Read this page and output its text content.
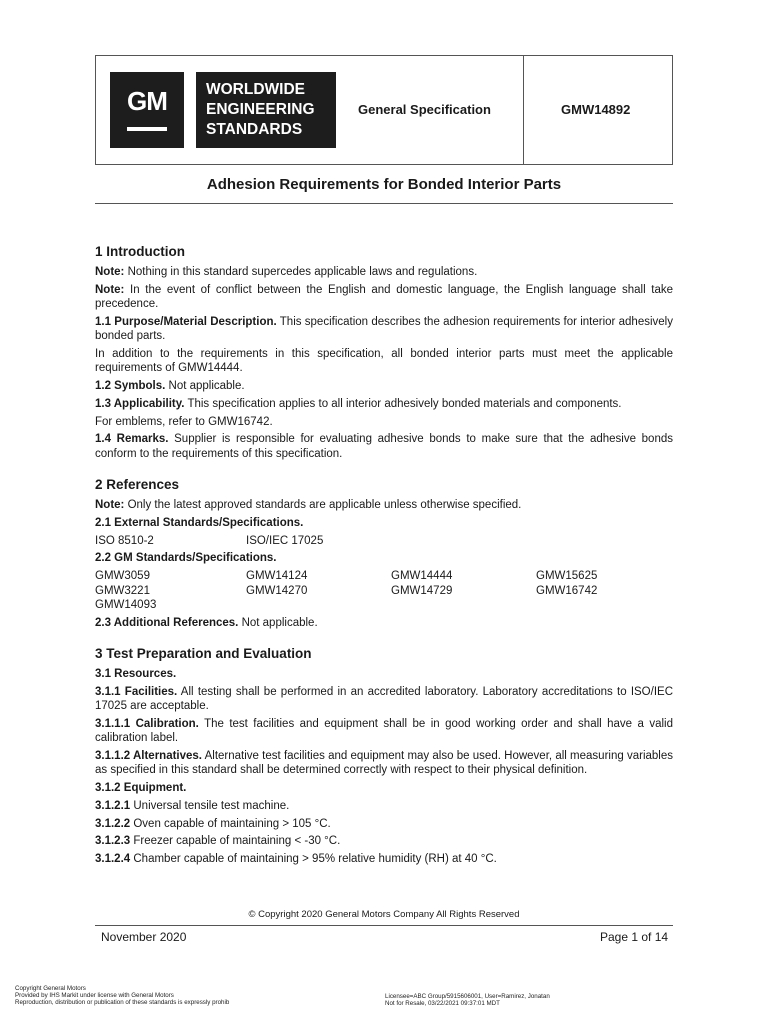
GM	WORLDWIDE
ENGINEERING
STANDARDS
General Specification	GMW14892
Adhesion Requirements for Bonded Interior Parts
1 Introduction

Note: Nothing in this standard supercedes applicable laws and regulations.

Note: In the event of conflict between the English and domestic language, the English language shall take precedence.

1.1 Purpose/Material Description. This specification describes the adhesion requirements for interior adhesively bonded parts.

In addition to the requirements in this specification, all bonded interior parts must meet the applicable requirements of GMW14444.

1.2 Symbols. Not applicable.

1.3 Applicability. This specification applies to all interior adhesively bonded materials and components.

For emblems, refer to GMW16742.

1.4 Remarks. Supplier is responsible for evaluating adhesive bonds to make sure that the adhesive bonds conform to the requirements of this specification.

2 References

Note: Only the latest approved standards are applicable unless otherwise specified.

2.1 External Standards/Specifications.

ISO 8510-2	ISO/IEC 17025

2.2 GM Standards/Specifications.

GMW3059	GMW14124	GMW14444	GMW15625
GMW3221	GMW14270	GMW14729	GMW16742
GMW14093

2.3 Additional References. Not applicable.

3 Test Preparation and Evaluation

3.1 Resources.

3.1.1 Facilities. All testing shall be performed in an accredited laboratory. Laboratory accreditations to ISO/IEC 17025 are acceptable.

3.1.1.1 Calibration. The test facilities and equipment shall be in good working order and shall have a valid calibration label.

3.1.1.2 Alternatives. Alternative test facilities and equipment may also be used. However, all measuring variables as specified in this standard shall be determined correctly with respect to their physical definition.

3.1.2 Equipment.

3.1.2.1 Universal tensile test machine.

3.1.2.2 Oven capable of maintaining > 105 °C.

3.1.2.3 Freezer capable of maintaining < -30 °C.

3.1.2.4 Chamber capable of maintaining > 95% relative humidity (RH) at 40 °C.

© Copyright 2020 General Motors Company All Rights Reserved
November 2020	Page 1 of 14
Copyright General Motors
Provided by IHS Markit under license with General Motors
Reproduction, distribution or publication of these standards is expressly prohib
Licensee=ABC Group/5915606001, User=Ramirez, Jonatan
Not for Resale, 03/22/2021 09:37:01 MDT
